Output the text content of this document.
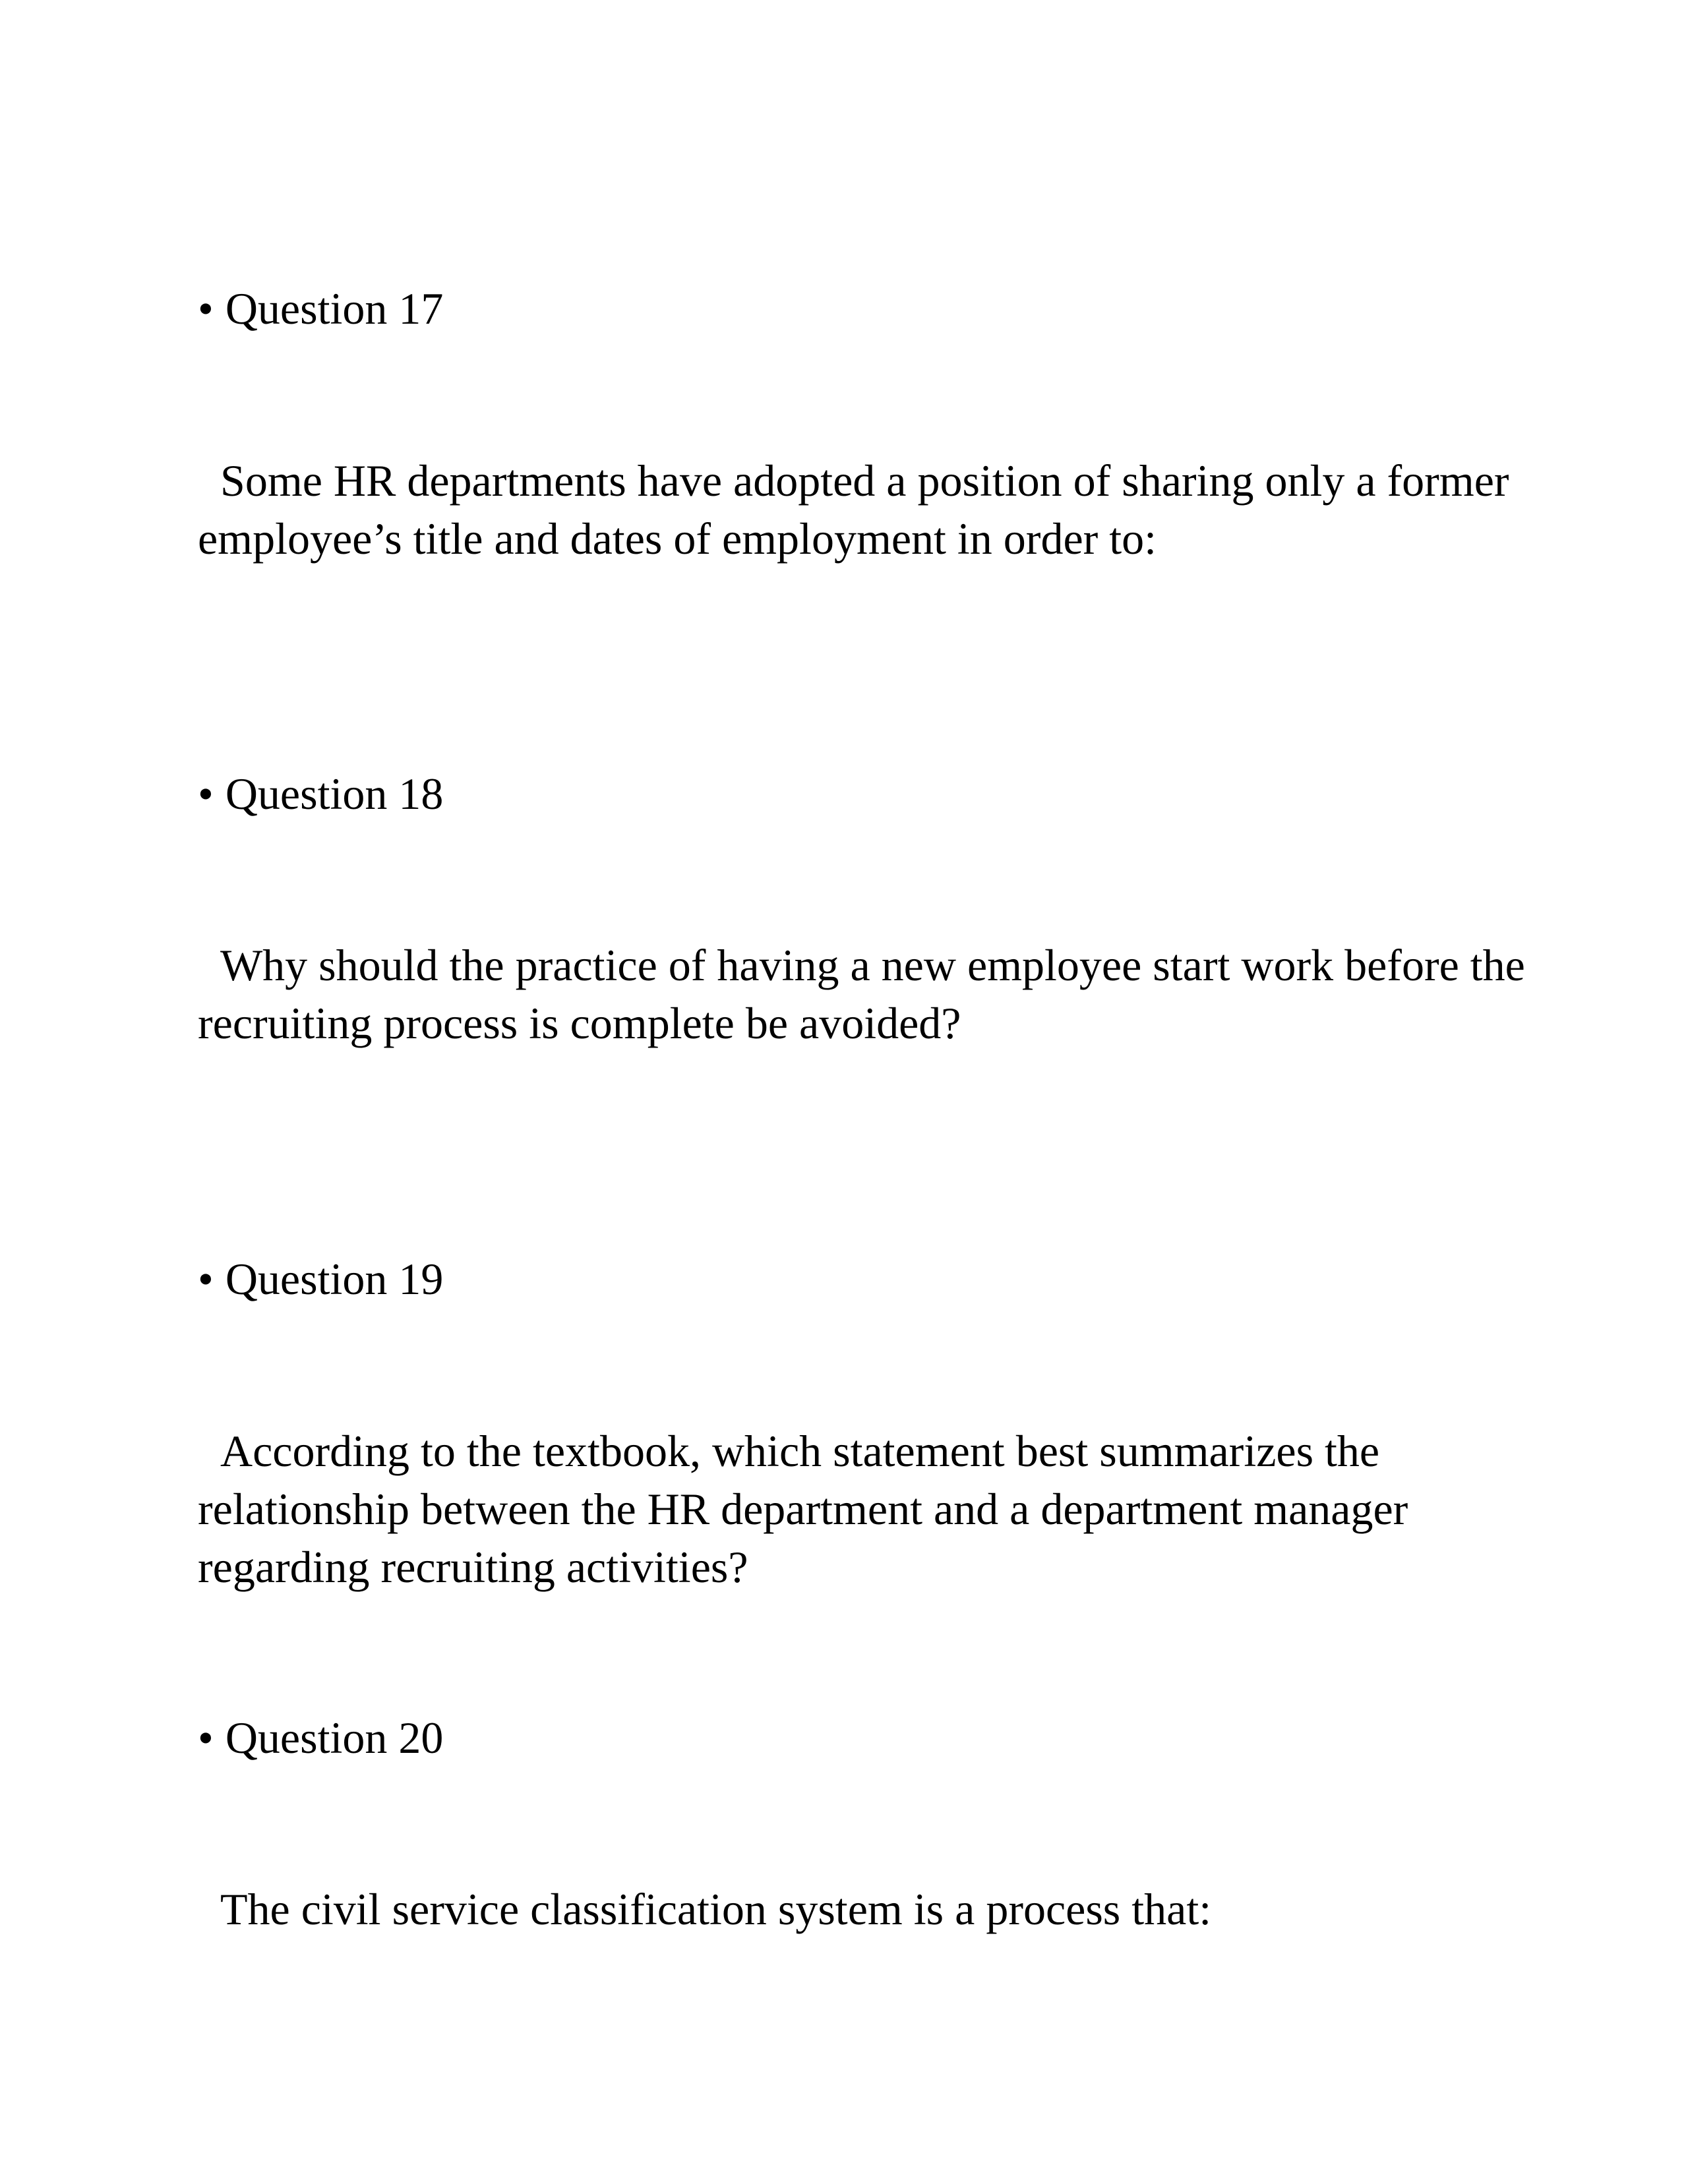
• Question 17

Some HR departments have adopted a position of sharing only a former employee’s title and dates of employment in order to:

• Question 18

Why should the practice of having a new employee start work before the recruiting process is complete be avoided?

• Question 19

According to the textbook, which statement best summarizes the relationship between the HR department and a department manager regarding recruiting activities?

• Question 20

The civil service classification system is a process that:
